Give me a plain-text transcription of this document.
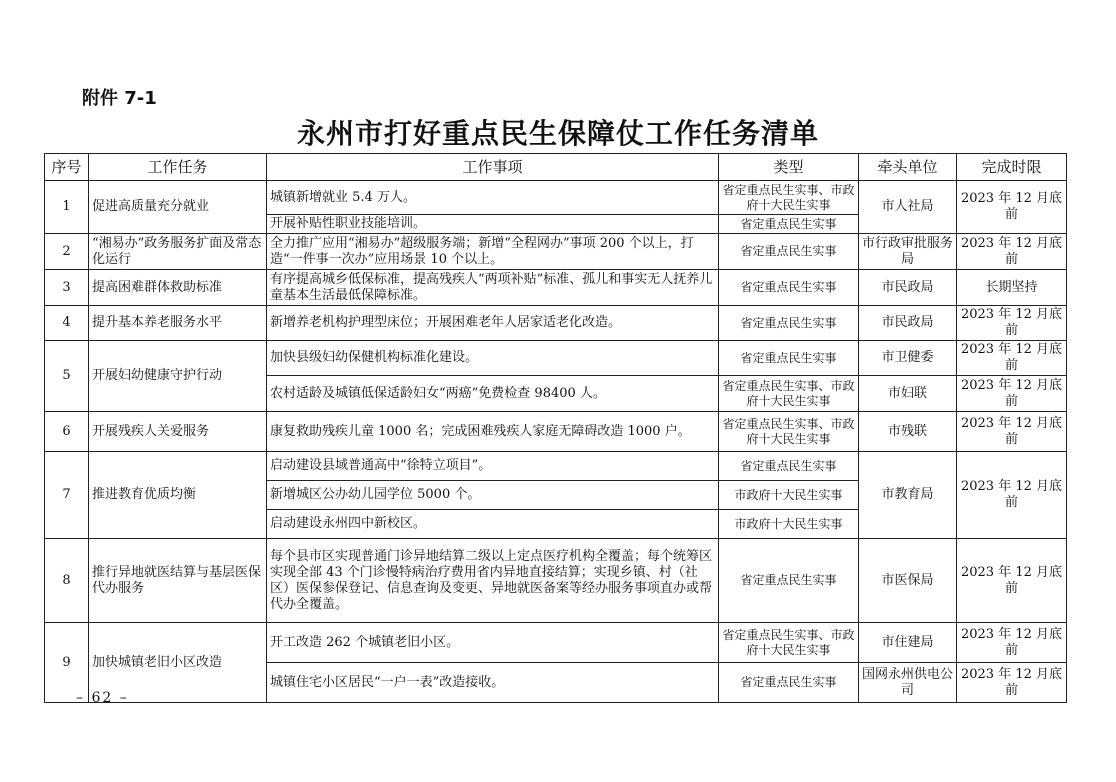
附件 7-1
永州市打好重点民生保障仗工作任务清单
序号	工作任务	工作事项	类型	牵头单位	完成时限
1	促进高质量充分就业	城镇新增就业 5.4 万人。	省定重点民生实事、市政府十大民生实事	市人社局	2023 年 12 月底前
		开展补贴性职业技能培训。	省定重点民生实事		
2	“湘易办”政务服务扩面及常态化运行	全力推广应用“湘易办”超级服务端；新增“全程网办”事项 200 个以上，打造“一件事一次办”应用场景 10 个以上。	省定重点民生实事	市行政审批服务局	2023 年 12 月底前
3	提高困难群体救助标准	有序提高城乡低保标准，提高残疾人“两项补贴”标准、孤儿和事实无人抚养儿童基本生活最低保障标准。	省定重点民生实事	市民政局	长期坚持
4	提升基本养老服务水平	新增养老机构护理型床位；开展困难老年人居家适老化改造。	省定重点民生实事	市民政局	2023 年 12 月底前
5	开展妇幼健康守护行动	加快县级妇幼保健机构标准化建设。	省定重点民生实事	市卫健委	2023 年 12 月底前
		农村适龄及城镇低保适龄妇女“两癌”免费检查 98400 人。	省定重点民生实事、市政府十大民生实事	市妇联	2023 年 12 月底前
6	开展残疾人关爱服务	康复救助残疾儿童 1000 名；完成困难残疾人家庭无障碍改造 1000 户。	省定重点民生实事、市政府十大民生实事	市残联	2023 年 12 月底前
7	推进教育优质均衡	启动建设县域普通高中“徐特立项目”。	省定重点民生实事	市教育局	2023 年 12 月底前
		新增城区公办幼儿园学位 5000 个。	市政府十大民生实事		
		启动建设永州四中新校区。	市政府十大民生实事		
8	推行异地就医结算与基层医保代办服务	每个县市区实现普通门诊异地结算二级以上定点医疗机构全覆盖；每个统筹区实现全部 43 个门诊慢特病治疗费用省内异地直接结算；实现乡镇、村（社区）医保参保登记、信息查询及变更、异地就医备案等经办服务事项直办或帮代办全覆盖。	省定重点民生实事	市医保局	2023 年 12 月底前
9	加快城镇老旧小区改造	开工改造 262 个城镇老旧小区。	省定重点民生实事、市政府十大民生实事	市住建局	2023 年 12 月底前
		城镇住宅小区居民“一户一表”改造接收。	省定重点民生实事	国网永州供电公司	2023 年 12 月底前
– 62 –
